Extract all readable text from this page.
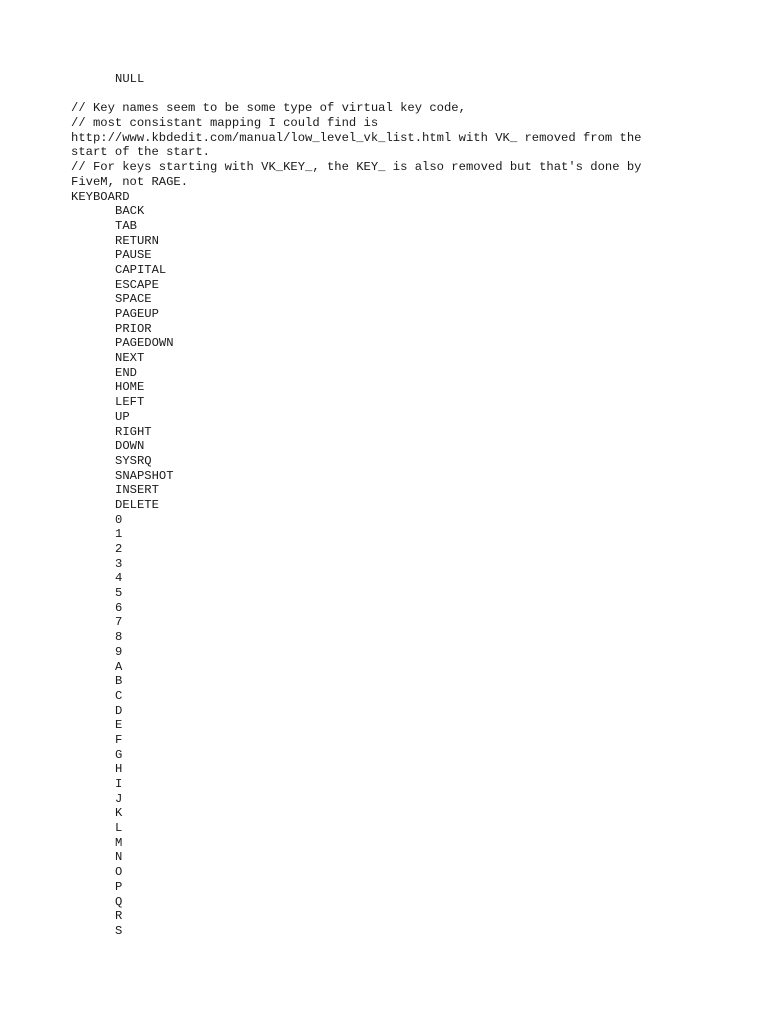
NULL
// Key names seem to be some type of virtual key code,
// most consistant mapping I could find is
http://www.kbdedit.com/manual/low_level_vk_list.html with VK_ removed from the
start of the start.
// For keys starting with VK_KEY_, the KEY_ is also removed but that's done by
FiveM, not RAGE.
KEYBOARD
BACK
TAB
RETURN
PAUSE
CAPITAL
ESCAPE
SPACE
PAGEUP
PRIOR
PAGEDOWN
NEXT
END
HOME
LEFT
UP
RIGHT
DOWN
SYSRQ
SNAPSHOT
INSERT
DELETE
0
1
2
3
4
5
6
7
8
9
A
B
C
D
E
F
G
H
I
J
K
L
M
N
O
P
Q
R
S
